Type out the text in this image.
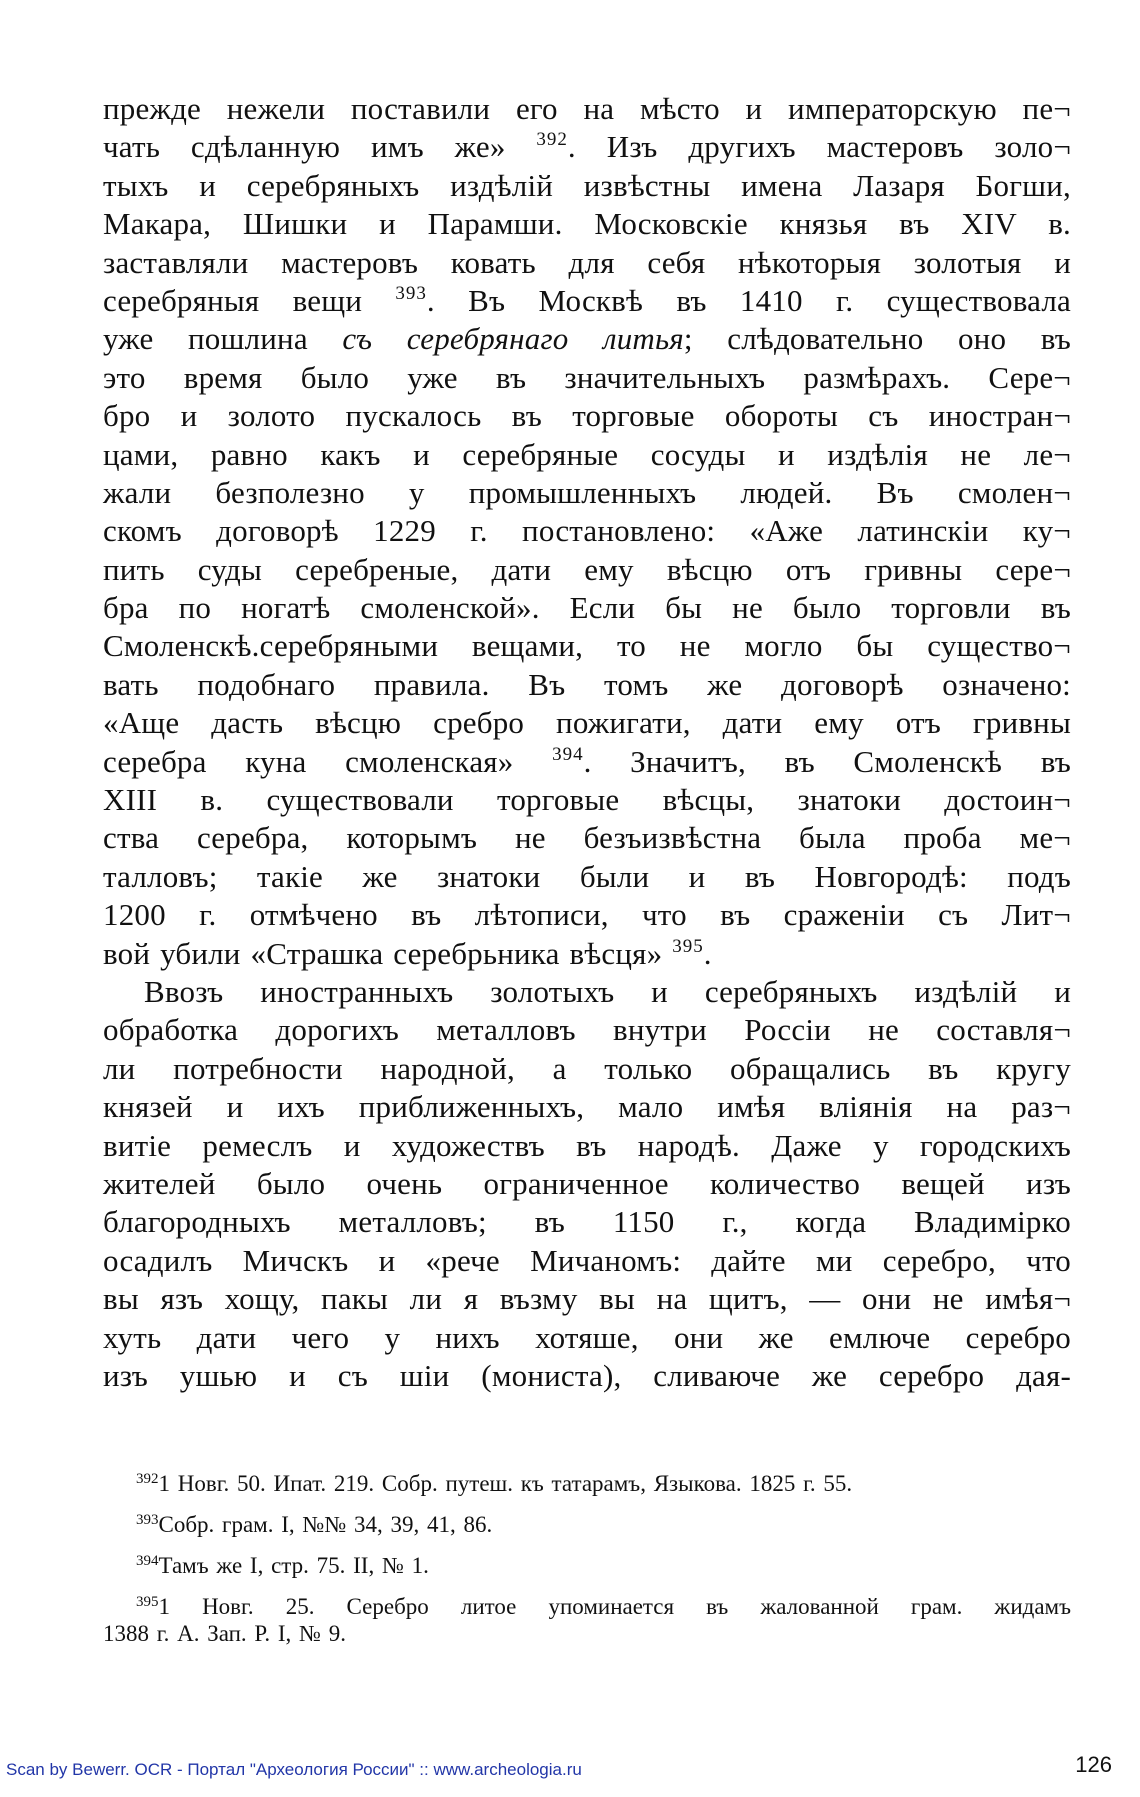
прежде нежели поставили его на мѣсто и императорскую пе¬
чать сдѣланную имъ же» $^{392}$. Изъ другихъ мастеровъ золо¬
тыхъ и серебряныхъ издѣлій извѣстны имена Лазаря Богши,
Макара, Шишки и Парамши. Московскіе князья въ XIV в.
заставляли мастеровъ ковать для себя нѣкоторыя золотыя и
серебряныя вещи $^{393}$. Въ Москвѣ въ 1410 г. существовала
уже пошлина съ серебрянаго литья; слѣдовательно оно въ
это время было уже въ значительныхъ размѣрахъ. Сере¬
бро и золото пускалось въ торговые обороты съ иностран¬
цами, равно какъ и серебряные сосуды и издѣлія не ле¬
жали безполезно у промышленныхъ людей. Въ смолен¬
скомъ договорѣ 1229 г. постановлено: «Аже латинскіи ку¬
пить суды серебреные, дати ему вѣсцю отъ гривны сере¬
бра по ногатѣ смоленской». Если бы не было торговли въ
Смоленскѣ.серебряными вещами, то не могло бы существо¬
вать подобнаго правила. Въ томъ же договорѣ означено:
«Аще дасть вѣсцю сребро пожигати, дати ему отъ гривны
серебра куна смоленская» $^{394}$. Значитъ, въ Смоленскѣ въ
XIII в. существовали торговые вѣсцы, знатоки достоин¬
ства серебра, которымъ не безъизвѣстна была проба ме¬
талловъ; такіе же знатоки были и въ Новгородѣ: подъ
1200 г. отмѣчено въ лѣтописи, что въ сраженіи съ Лит¬
вой убили «Страшка серебрьника вѣсця» $^{395}$.
Ввозъ иностранныхъ золотыхъ и серебряныхъ издѣлій и
обработка дорогихъ металловъ внутри Россіи не составля¬
ли потребности народной, а только обращались въ кругу
князей и ихъ приближенныхъ, мало имѣя вліянія на раз¬
витіе ремеслъ и художествъ въ народѣ. Даже у городскихъ
жителей было очень ограниченное количество вещей изъ
благородныхъ металловъ; въ 1150 г., когда Владимірко
осадилъ Мичскъ и «рече Мичаномъ: дайте ми серебро, что
вы язъ хощу, пакы ли я възму вы на щитъ, — они не имѣя¬
хуть дати чего у нихъ хотяше, они же емлюче серебро
изъ ушью и съ шіи (мониста), сливаюче же серебро дая-
$^{392}$1 Новг. 50. Ипат. 219. Собр. путеш. къ татарамъ, Языкова. 1825 г. 55.
$^{393}$Собр. грам. I, №№ 34, 39, 41, 86.
$^{394}$Тамъ же I, стр. 75. II, № 1.
$^{395}$1 Новг. 25. Серебро литое упоминается въ жалованной грам. жидамъ
1388 г. А. Зап. Р. I, № 9.
Scan by Bewerr. OCR - Портал "Археология России" :: www.archeologia.ru	126
